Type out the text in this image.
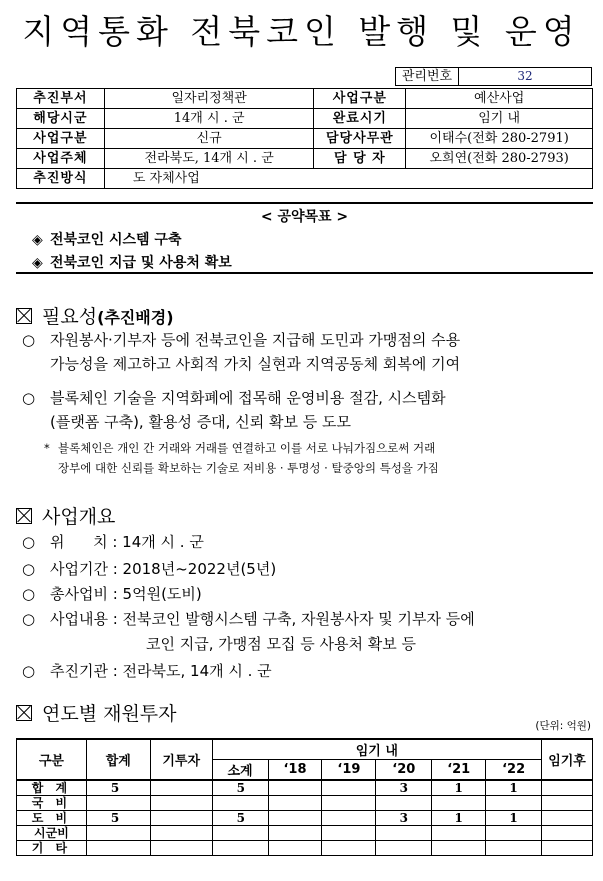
지역통화 전북코인 발행 및 운영
관리번호	32
추진부서	일자리정책관	사업구분	예산사업
해당시군	14개 시 . 군	완료시기	임기 내
사업구분	신규	담당사무관	이태수(전화 280-2791)
사업주체	전라북도, 14개 시 . 군	담 당 자	오희연(전화 280-2793)
추진방식	도 자체사업		
< 공약목표 >
◈ 전북코인 시스템 구축
◈ 전북코인 지급 및 사용처 확보
필요성(추진배경)
○ 자원봉사·기부자 등에 전북코인을 지급해 도민과 가맹점의 수용
가능성을 제고하고 사회적 가치 실현과 지역공동체 회복에 기여
○ 블록체인 기술을 지역화폐에 접목해 운영비용 절감, 시스템화
(플랫폼 구축), 활용성 증대, 신뢰 확보 등 도모
* 블록체인은 개인 간 거래와 거래를 연결하고 이를 서로 나눠가짐으로써 거래
장부에 대한 신뢰를 확보하는 기술로 저비용 · 투명성 · 탈중앙의 특성을 가짐
사업개요
○ 위      치 : 14개 시 . 군
○ 사업기간 : 2018년~2022년(5년)
○ 총사업비 : 5억원(도비)
○ 사업내용 : 전북코인 발행시스템 구축, 자원봉사자 및 기부자 등에
코인 지급, 가맹점 모집 등 사용처 확보 등
○ 추진기관 : 전라북도, 14개 시 . 군
연도별 재원투자
(단위: 억원)
구분	합계	기투자	임기 내						임기후
			소계	‘18	‘19	‘20	‘21	‘22	
합 계	5		5			3	1	1	
국 비									
도 비	5		5			3	1	1	
시군비									
기 타									
